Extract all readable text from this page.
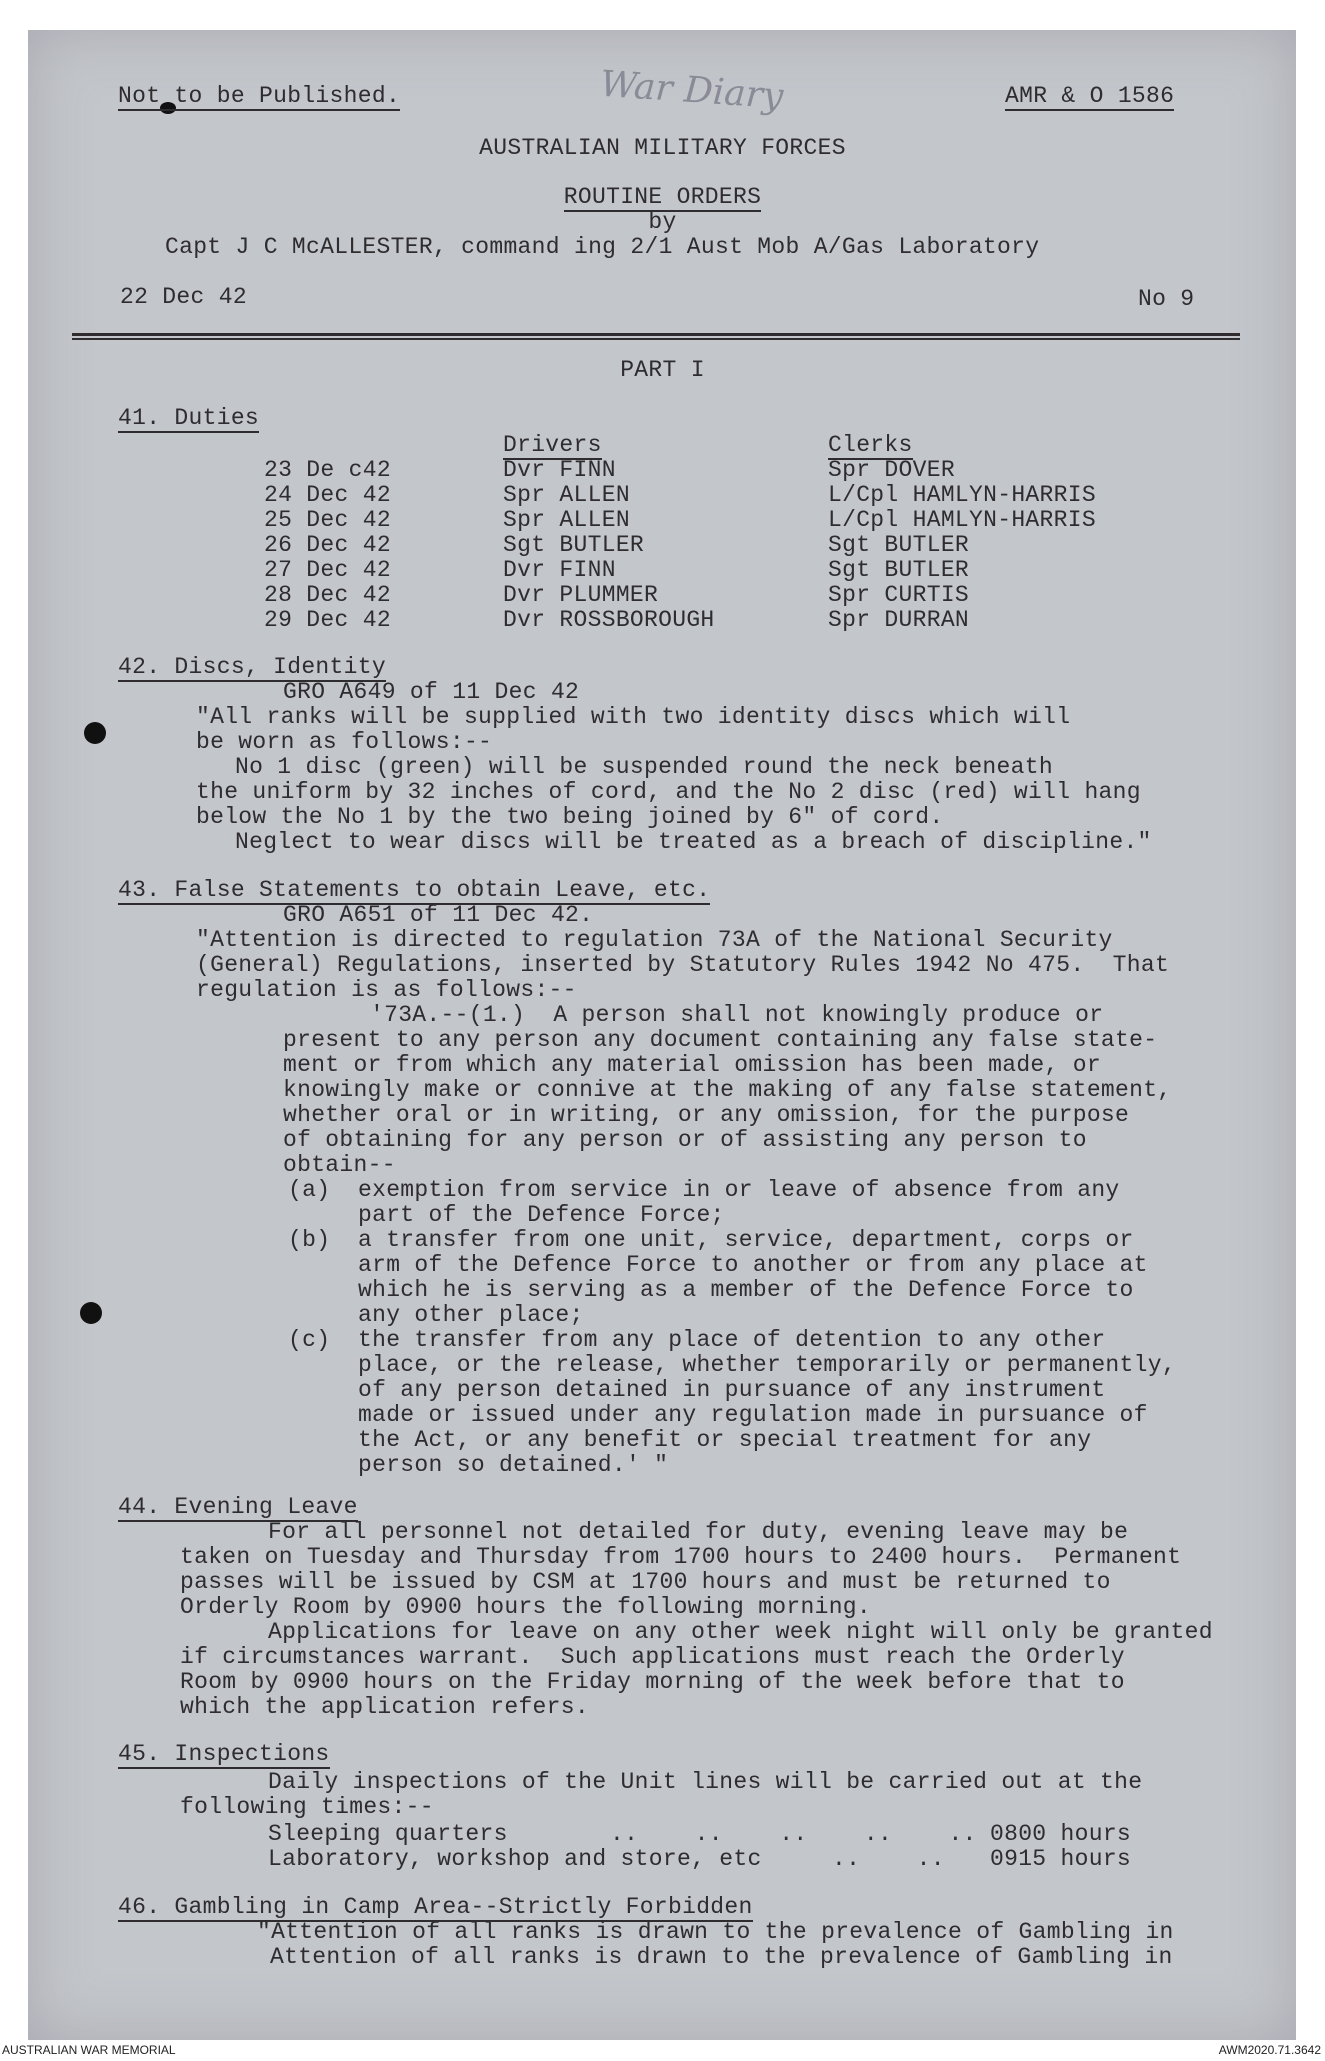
Not to be Published.	War Diary	AMR & O 1586
AUSTRALIAN MILITARY FORCES
ROUTINE ORDERS
by
Capt J C McALLESTER, command ing 2/1 Aust Mob A/Gas Laboratory
22 Dec 42	No 9
PART I
41. Duties
Drivers	Clerks
23 De c42	Dvr FINN	Spr DOVER
24 Dec 42	Spr ALLEN	L/Cpl HAMLYN-HARRIS
25 Dec 42	Spr ALLEN	L/Cpl HAMLYN-HARRIS
26 Dec 42	Sgt BUTLER	Sgt BUTLER
27 Dec 42	Dvr FINN	Sgt BUTLER
28 Dec 42	Dvr PLUMMER	Spr CURTIS
29 Dec 42	Dvr ROSSBOROUGH	Spr DURRAN
42. Discs, Identity
GRO A649 of 11 Dec 42
"All ranks will be supplied with two identity discs which will
be worn as follows:--
No 1 disc (green) will be suspended round the neck beneath
the uniform by 32 inches of cord, and the No 2 disc (red) will hang
below the No 1 by the two being joined by 6" of cord.
Neglect to wear discs will be treated as a breach of discipline."
43. False Statements to obtain Leave, etc.
GRO A651 of 11 Dec 42.
"Attention is directed to regulation 73A of the National Security
(General) Regulations, inserted by Statutory Rules 1942 No 475.  That
regulation is as follows:--
'73A.--(1.)  A person shall not knowingly produce or
present to any person any document containing any false state-
ment or from which any material omission has been made, or
knowingly make or connive at the making of any false statement,
whether oral or in writing, or any omission, for the purpose
of obtaining for any person or of assisting any person to
obtain--
(a) exemption from service in or leave of absence from any
part of the Defence Force;
(b) a transfer from one unit, service, department, corps or
arm of the Defence Force to another or from any place at
which he is serving as a member of the Defence Force to
any other place;
(c) the transfer from any place of detention to any other
place, or the release, whether temporarily or permanently,
of any person detained in pursuance of any instrument
made or issued under any regulation made in pursuance of
the Act, or any benefit or special treatment for any
person so detained.' "
44. Evening Leave
For all personnel not detailed for duty, evening leave may be
taken on Tuesday and Thursday from 1700 hours to 2400 hours.  Permanent
passes will be issued by CSM at 1700 hours and must be returned to
Orderly Room by 0900 hours the following morning.
Applications for leave on any other week night will only be granted
if circumstances warrant.  Such applications must reach the Orderly
Room by 0900 hours on the Friday morning of the week before that to
which the application refers.
45. Inspections
Daily inspections of the Unit lines will be carried out at the
following times:--
Sleeping quarters	..    ..    ..    ..    .. 0800 hours
Laboratory, workshop and store, etc	..    .. 0915 hours
46. Gambling in Camp Area--Strictly Forbidden
"Attention of all ranks is drawn to the prevalence of Gambling in
Attention of all ranks is drawn to the prevalence of Gambling in
AUSTRALIAN WAR MEMORIAL	AWM2020.71.3642
